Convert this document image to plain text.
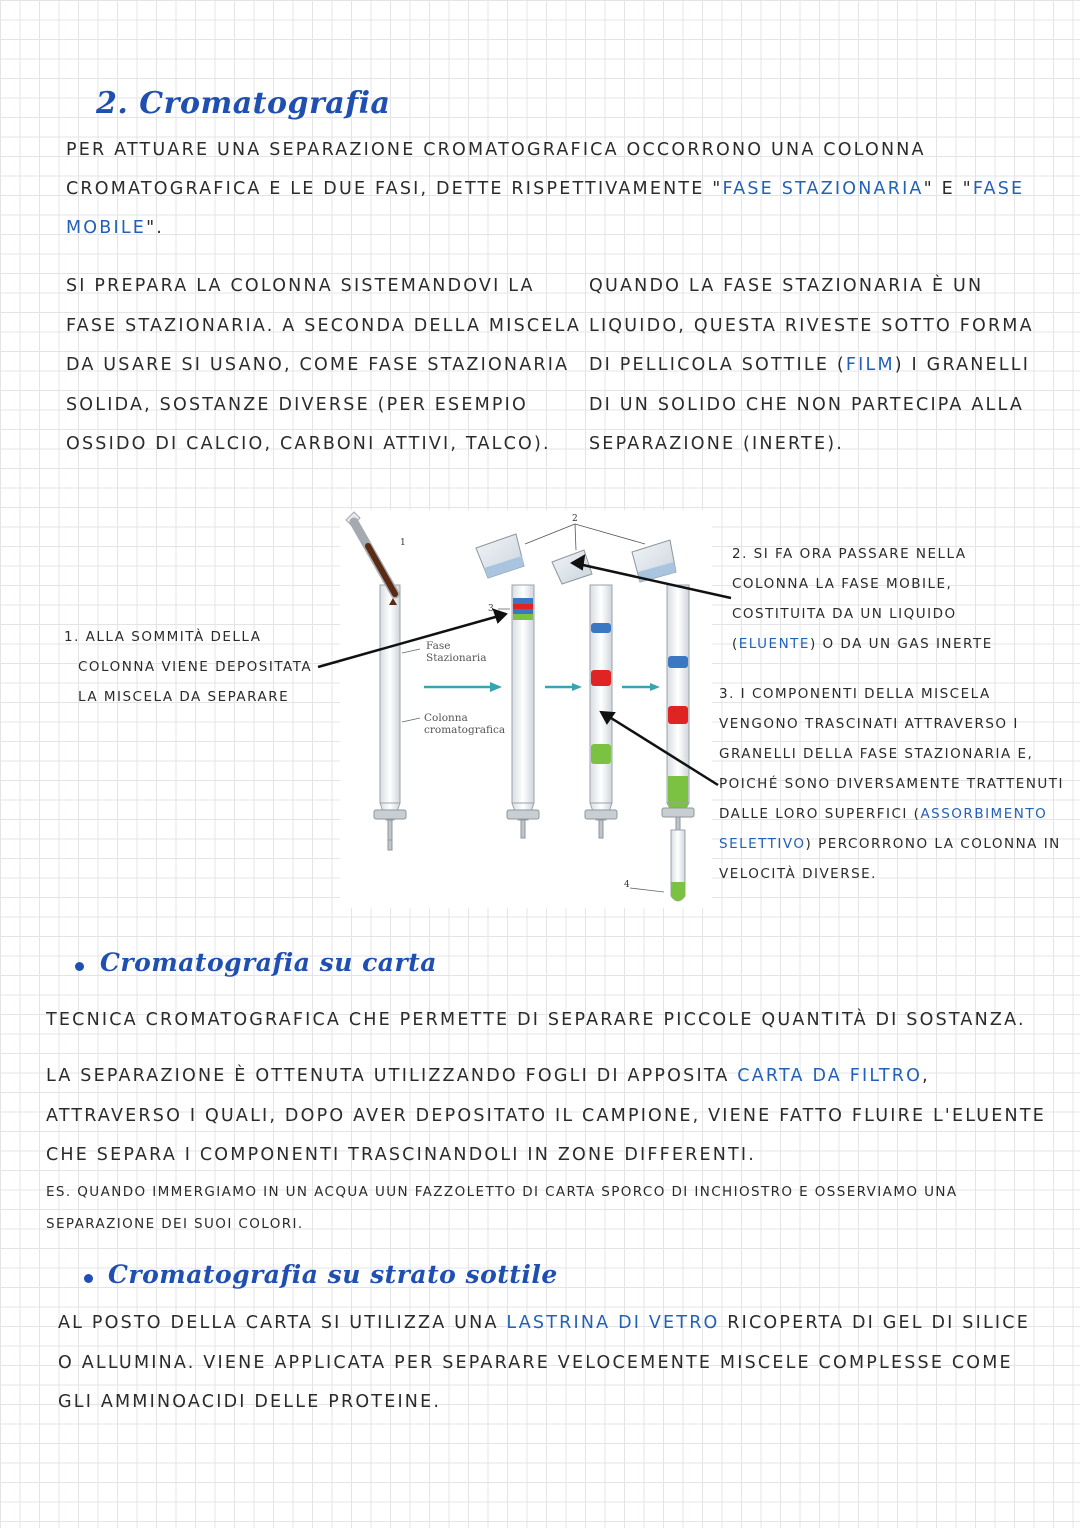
2. Cromatografia
PER ATTUARE UNA SEPARAZIONE CROMATOGRAFICA OCCORRONO UNA COLONNA
CROMATOGRAFICA E LE DUE FASI, DETTE RISPETTIVAMENTE "FASE STAZIONARIA" E "FASE
MOBILE".
SI PREPARA LA COLONNA SISTEMANDOVI LA
FASE STAZIONARIA. A SECONDA DELLA MISCELA
DA USARE SI USANO, COME FASE STAZIONARIA
SOLIDA, SOSTANZE DIVERSE (PER ESEMPIO
OSSIDO DI CALCIO, CARBONI ATTIVI, TALCO).
QUANDO LA FASE STAZIONARIA È UN
LIQUIDO, QUESTA RIVESTE SOTTO FORMA
DI PELLICOLA SOTTILE (FILM) I GRANELLI
DI UN SOLIDO CHE NON PARTECIPA ALLA
SEPARAZIONE (INERTE).
Fase
Stazionaria
Colonna
cromatografica
1
2
3
4
1. ALLA SOMMITÀ DELLA
COLONNA VIENE DEPOSITATA
LA MISCELA DA SEPARARE
2. SI FA ORA PASSARE NELLA
COLONNA LA FASE MOBILE,
COSTITUITA DA UN LIQUIDO
(ELUENTE) O DA UN GAS INERTE
3. I COMPONENTI DELLA MISCELA
VENGONO TRASCINATI ATTRAVERSO I
GRANELLI DELLA FASE STAZIONARIA E,
POICHÉ SONO DIVERSAMENTE TRATTENUTI
DALLE LORO SUPERFICI (ASSORBIMENTO
SELETTIVO) PERCORRONO LA COLONNA IN
VELOCITÀ DIVERSE.
Cromatografia su carta
TECNICA CROMATOGRAFICA CHE PERMETTE DI SEPARARE PICCOLE QUANTITÀ DI SOSTANZA.
LA SEPARAZIONE È OTTENUTA UTILIZZANDO FOGLI DI APPOSITA CARTA DA FILTRO,
ATTRAVERSO I QUALI, DOPO AVER DEPOSITATO IL CAMPIONE, VIENE FATTO FLUIRE L'ELUENTE
CHE SEPARA I COMPONENTI TRASCINANDOLI IN ZONE DIFFERENTI.
ES. QUANDO IMMERGIAMO IN UN ACQUA UUN FAZZOLETTO DI CARTA SPORCO DI INCHIOSTRO E OSSERVIAMO UNA
SEPARAZIONE DEI SUOI COLORI.
Cromatografia su strato sottile
AL POSTO DELLA CARTA SI UTILIZZA UNA LASTRINA DI VETRO RICOPERTA DI GEL DI SILICE
O ALLUMINA. VIENE APPLICATA PER SEPARARE VELOCEMENTE MISCELE COMPLESSE COME
GLI AMMINOACIDI DELLE PROTEINE.
